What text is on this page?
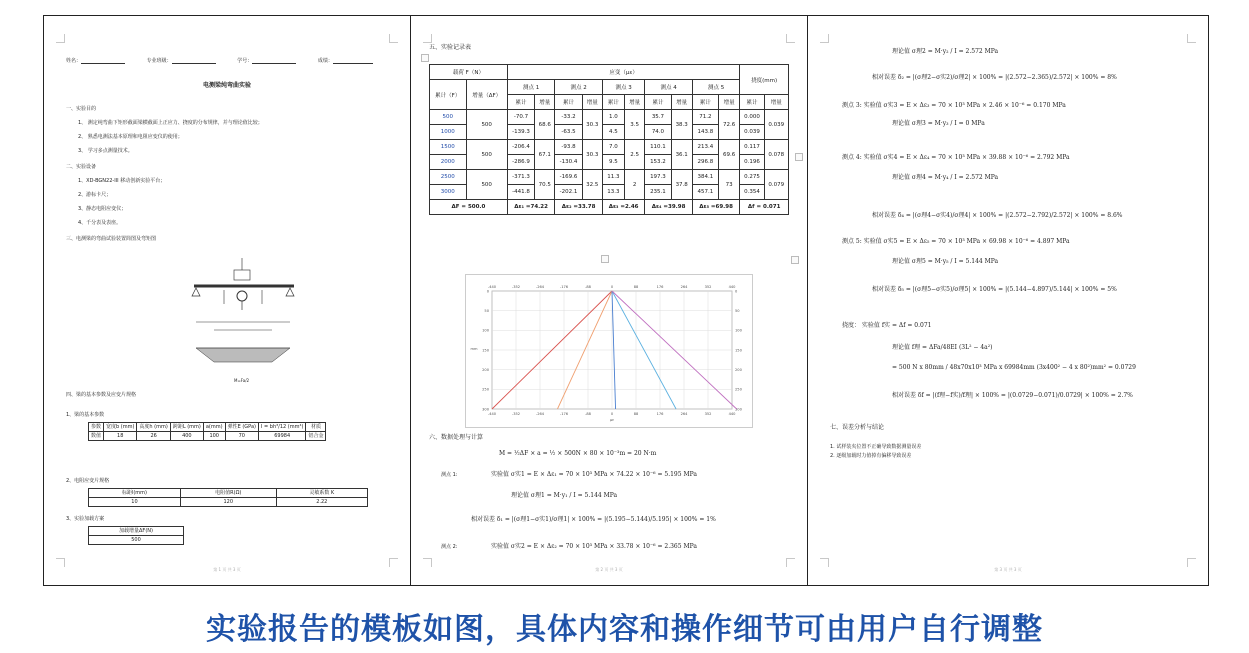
姓名：	专业班级：	学号：	成绩：
电测梁纯弯曲实验
一、实验目的
1、 测定纯弯曲下矩形截面梁横截面上正应力、挠度的分布规律，并与理论值比较；
2、 熟悉电测法基本原理和电阻应变仪的使用；
3、 学习多点测量技术。
二、实验设备
1、XD-BGN22-III 移动创新实验平台；
2、游标卡尺；
3、静态电阻应变仪；
4、千分表及表座。
三、电测梁的弯曲试验装置简图及弯矩图
M=Fa/2
四、梁的基本参数及应变片规格
1、梁的基本参数
参数	宽度b (mm)	高度h (mm)	跨距L (mm)	a(mm)	弹性E (GPa)	I = bh³/12 (mm⁴)	材质
数值	18	26	400	100	70	69984	铝合金
2、电阻应变片规格
标距l(mm)	电阻值R(Ω)	灵敏系数 K
10	120	2.22
3、实验加载方案
加载增量ΔF(N)
500
第 1 页 共 3 页
五、实验记录表
载荷 F（N）		应变（με）										挠度(mm)	
累计（F）	增量（ΔF）	测点 1		测点 2		测点 3		测点 4		测点 5			
		累计	增量	累计	增量	累计	增量	累计	增量	累计	增量	累计	增量
500	500	-70.7	68.6	-33.2	30.3	1.0	3.5	35.7	38.3	71.2	72.6	0.000	0.039
1000		-139.3		-63.5		4.5		74.0		143.8		0.039	
1500	500	-206.4	67.1	-93.8	30.3	7.0	2.5	110.1	36.1	213.4	69.6	0.117	0.078
2000		-286.9		-130.4		9.5		153.2		296.8		0.196	
2500	500	-371.3	70.5	-169.6	32.5	11.3	2	197.3	37.8	384.1	73	0.275	0.079
3000		-441.8		-202.1		13.3		235.1		457.1		0.354	
ΔF = 500.0		Δε₁ =74.22		Δε₂ =33.78		Δε₃ =2.46		Δε₄ =39.98		Δε₅ =69.98		Δf = 0.071	
-440
-440
-352
-352
-264
-264
-176
-176
-88
-88
0
0
88
88
176
176
264
264
352
352
440
440
0	0
50	50
100	100
150	150
200	200
250	250
300	300
με
mm
六、数据处理与计算
M = ½ΔF × a = ½ × 500N × 80 × 10⁻³m = 20 N·m
测点 1:	实验值 σ实1 = E × Δε₁ = 70 × 10³ MPa × 74.22 × 10⁻⁶ = 5.195 MPa
理论值 σ理1 = M·y₁ / I = 5.144 MPa
相对误差 δ₁ = |(σ理1−σ实1)/σ理1| × 100% = |(5.195−5.144)/5.195| × 100% = 1%
测点 2:	实验值 σ实2 = E × Δε₂ = 70 × 10³ MPa × 33.78 × 10⁻⁶ = 2.365 MPa
第 2 页 共 3 页
理论值 σ理2 = M·y₂ / I = 2.572 MPa
相对误差 δ₂ = |(σ理2−σ实2)/σ理2| × 100% = |(2.572−2.365)/2.572| × 100% = 8%
测点 3: 实验值 σ实3 = E × Δε₃ = 70 × 10³ MPa × 2.46 × 10⁻⁶ = 0.170 MPa
理论值 σ理3 = M·y₃ / I = 0 MPa
测点 4: 实验值 σ实4 = E × Δε₄ = 70 × 10³ MPa × 39.88 × 10⁻⁶ = 2.792 MPa
理论值 σ理4 = M·y₄ / I = 2.572 MPa
相对误差 δ₄ = |(σ理4−σ实4)/σ理4| × 100% = |(2.572−2.792)/2.572| × 100% = 8.6%
测点 5: 实验值 σ实5 = E × Δε₅ = 70 × 10³ MPa × 69.98 × 10⁻⁶ = 4.897 MPa
理论值 σ理5 = M·y₅ / I = 5.144 MPa
相对误差 δ₅ = |(σ理5−σ实5)/σ理5| × 100% = |(5.144−4.897)/5.144| × 100% = 5%
挠度： 实验值 f实 = Δf = 0.071
理论值 f理 = ΔFa/48EI (3L² − 4a²)
= 500 N x 80mm / 48x70x10³ MPa x 69984mm (3x400² − 4 x 80²)mm² = 0.0729
相对误差 δf = |(f理−f实)/f理| × 100% = |(0.0729−0.071)/0.0729| × 100% = 2.7%
七、误差分析与结论
1. 试样装夹位置不正确导致数据测量误差
2. 逐级加载时力值掉有偏移导致误差
第 3 页 共 3 页
实验报告的模板如图，具体内容和操作细节可由用户自行调整
